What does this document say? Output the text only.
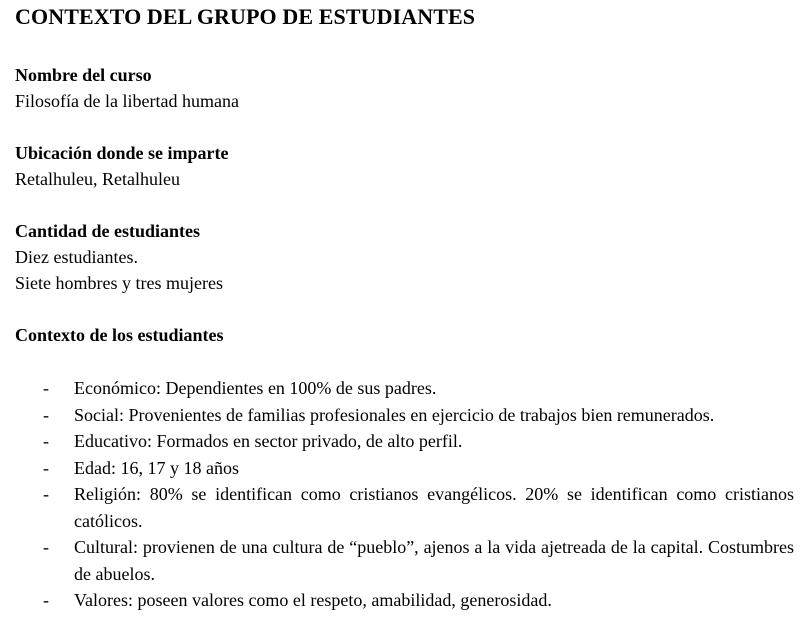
CONTEXTO DEL GRUPO DE ESTUDIANTES

Nombre del curso

Filosofía de la libertad humana

Ubicación donde se imparte

Retalhuleu, Retalhuleu

Cantidad de estudiantes

Diez estudiantes.

Siete hombres y tres mujeres

Contexto de los estudiantes

- Económico: Dependientes en 100% de sus padres.
- Social: Provenientes de familias profesionales en ejercicio de trabajos bien remunerados.
- Educativo: Formados en sector privado, de alto perfil.
- Edad: 16, 17 y 18 años
- Religión: 80% se identifican como cristianos evangélicos. 20% se identifican como cristianos católicos.
- Cultural: provienen de una cultura de “pueblo”, ajenos a la vida ajetreada de la capital. Costumbres de abuelos.
- Valores: poseen valores como el respeto, amabilidad, generosidad.
